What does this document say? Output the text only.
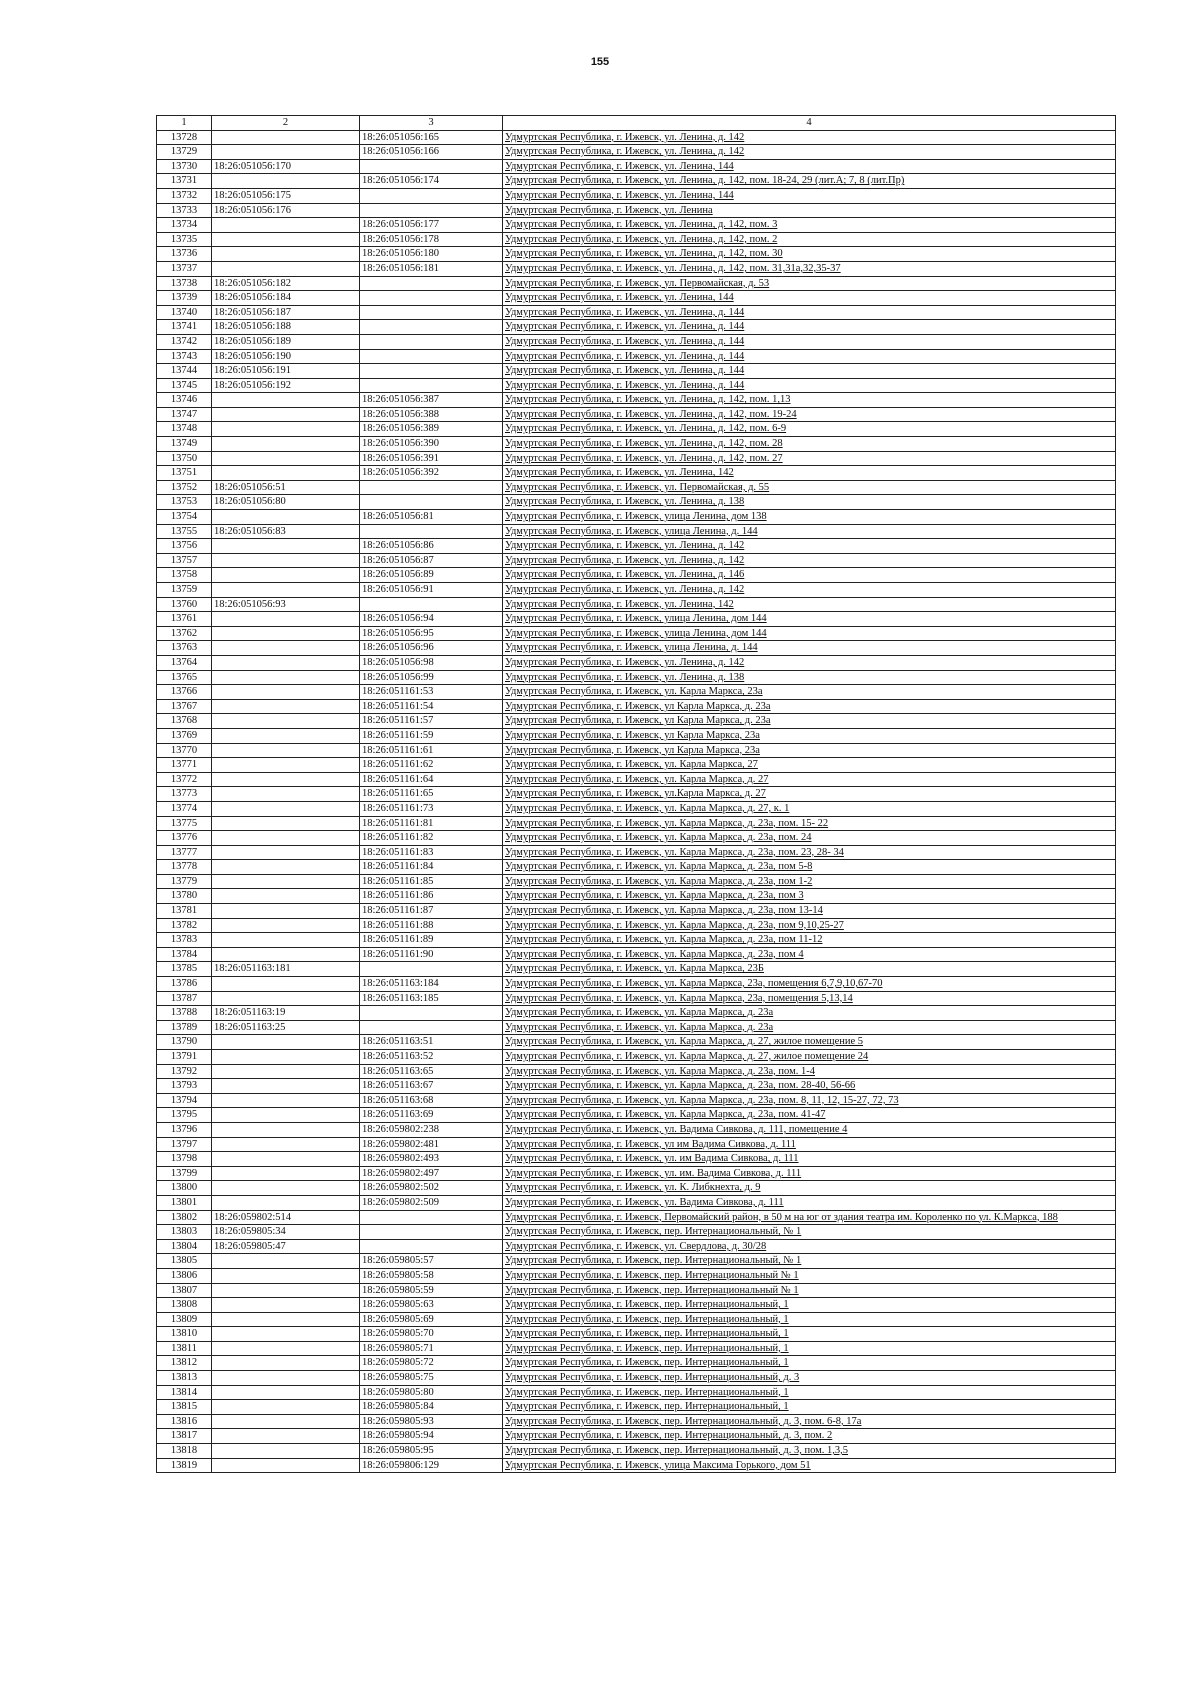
155
1	2	3	4
13728		18:26:051056:165	Удмуртская Республика, г. Ижевск, ул. Ленина, д. 142
13729		18:26:051056:166	Удмуртская Республика, г. Ижевск, ул. Ленина, д. 142
13730	18:26:051056:170		Удмуртская Республика, г. Ижевск, ул. Ленина, 144
13731		18:26:051056:174	Удмуртская Республика, г. Ижевск, ул. Ленина, д. 142, пом. 18-24, 29 (лит.А; 7, 8 (лит.Пр)
13732	18:26:051056:175		Удмуртская Республика, г. Ижевск, ул. Ленина, 144
13733	18:26:051056:176		Удмуртская Республика, г. Ижевск, ул. Ленина
13734		18:26:051056:177	Удмуртская Республика, г. Ижевск, ул. Ленина, д. 142, пом. 3
13735		18:26:051056:178	Удмуртская Республика, г. Ижевск, ул. Ленина, д. 142, пом. 2
13736		18:26:051056:180	Удмуртская Республика, г. Ижевск, ул. Ленина, д. 142, пом. 30
13737		18:26:051056:181	Удмуртская Республика, г. Ижевск, ул. Ленина, д. 142, пом. 31,31а,32,35-37
13738	18:26:051056:182		Удмуртская Республика, г. Ижевск, ул. Первомайская, д. 53
13739	18:26:051056:184		Удмуртская Республика, г. Ижевск, ул. Ленина, 144
13740	18:26:051056:187		Удмуртская Республика, г. Ижевск, ул. Ленина, д. 144
13741	18:26:051056:188		Удмуртская Республика, г. Ижевск, ул. Ленина, д. 144
13742	18:26:051056:189		Удмуртская Республика, г. Ижевск, ул. Ленина, д. 144
13743	18:26:051056:190		Удмуртская Республика, г. Ижевск, ул. Ленина, д. 144
13744	18:26:051056:191		Удмуртская Республика, г. Ижевск, ул. Ленина, д. 144
13745	18:26:051056:192		Удмуртская Республика, г. Ижевск, ул. Ленина, д. 144
13746		18:26:051056:387	Удмуртская Республика, г. Ижевск, ул. Ленина, д. 142, пом. 1,13
13747		18:26:051056:388	Удмуртская Республика, г. Ижевск, ул. Ленина, д. 142, пом. 19-24
13748		18:26:051056:389	Удмуртская Республика, г. Ижевск, ул. Ленина, д. 142, пом. 6-9
13749		18:26:051056:390	Удмуртская Республика, г. Ижевск, ул. Ленина, д. 142, пом. 28
13750		18:26:051056:391	Удмуртская Республика, г. Ижевск, ул. Ленина, д. 142, пом. 27
13751		18:26:051056:392	Удмуртская Республика, г. Ижевск, ул. Ленина, 142
13752	18:26:051056:51		Удмуртская Республика, г. Ижевск, ул. Первомайская, д. 55
13753	18:26:051056:80		Удмуртская Республика, г. Ижевск, ул. Ленина, д. 138
13754		18:26:051056:81	Удмуртская Республика, г. Ижевск, улица Ленина, дом 138
13755	18:26:051056:83		Удмуртская Республика, г. Ижевск, улица Ленина, д. 144
13756		18:26:051056:86	Удмуртская Республика, г. Ижевск, ул. Ленина, д. 142
13757		18:26:051056:87	Удмуртская Республика, г. Ижевск, ул. Ленина, д. 142
13758		18:26:051056:89	Удмуртская Республика, г. Ижевск, ул. Ленина, д. 146
13759		18:26:051056:91	Удмуртская Республика, г. Ижевск, ул. Ленина, д. 142
13760	18:26:051056:93		Удмуртская Республика, г. Ижевск, ул. Ленина, 142
13761		18:26:051056:94	Удмуртская Республика, г. Ижевск, улица Ленина, дом 144
13762		18:26:051056:95	Удмуртская Республика, г. Ижевск, улица Ленина, дом 144
13763		18:26:051056:96	Удмуртская Республика, г. Ижевск, улица Ленина, д. 144
13764		18:26:051056:98	Удмуртская Республика, г. Ижевск, ул. Ленина, д. 142
13765		18:26:051056:99	Удмуртская Республика, г. Ижевск, ул. Ленина, д. 138
13766		18:26:051161:53	Удмуртская Республика, г. Ижевск, ул. Карла Маркса, 23а
13767		18:26:051161:54	Удмуртская Республика, г. Ижевск, ул Карла Маркса, д. 23а
13768		18:26:051161:57	Удмуртская Республика, г. Ижевск, ул Карла Маркса, д. 23а
13769		18:26:051161:59	Удмуртская Республика, г. Ижевск, ул Карла Маркса, 23а
13770		18:26:051161:61	Удмуртская Республика, г. Ижевск, ул Карла Маркса, 23а
13771		18:26:051161:62	Удмуртская Республика, г. Ижевск, ул. Карла Маркса, 27
13772		18:26:051161:64	Удмуртская Республика, г. Ижевск, ул. Карла Маркса, д. 27
13773		18:26:051161:65	Удмуртская Республика, г. Ижевск, ул.Карла Маркса, д. 27
13774		18:26:051161:73	Удмуртская Республика, г. Ижевск, ул. Карла Маркса, д. 27, к. 1
13775		18:26:051161:81	Удмуртская Республика, г. Ижевск, ул. Карла Маркса, д. 23а, пом. 15- 22
13776		18:26:051161:82	Удмуртская Республика, г. Ижевск, ул. Карла Маркса, д. 23а, пом. 24
13777		18:26:051161:83	Удмуртская Республика, г. Ижевск, ул. Карла Маркса, д. 23а, пом. 23, 28- 34
13778		18:26:051161:84	Удмуртская Республика, г. Ижевск, ул. Карла Маркса, д. 23а, пом 5-8
13779		18:26:051161:85	Удмуртская Республика, г. Ижевск, ул. Карла Маркса, д. 23а, пом 1-2
13780		18:26:051161:86	Удмуртская Республика, г. Ижевск, ул. Карла Маркса, д. 23а, пом 3
13781		18:26:051161:87	Удмуртская Республика, г. Ижевск, ул. Карла Маркса, д. 23а, пом 13-14
13782		18:26:051161:88	Удмуртская Республика, г. Ижевск, ул. Карла Маркса, д. 23а, пом 9,10,25-27
13783		18:26:051161:89	Удмуртская Республика, г. Ижевск, ул. Карла Маркса, д. 23а, пом 11-12
13784		18:26:051161:90	Удмуртская Республика, г. Ижевск, ул. Карла Маркса, д. 23а, пом 4
13785	18:26:051163:181		Удмуртская Республика, г. Ижевск, ул. Карла Маркса, 23Б
13786		18:26:051163:184	Удмуртская Республика, г. Ижевск, ул. Карла Маркса, 23а, помещения 6,7,9,10,67-70
13787		18:26:051163:185	Удмуртская Республика, г. Ижевск, ул. Карла Маркса, 23а, помещения 5,13,14
13788	18:26:051163:19		Удмуртская Республика, г. Ижевск, ул. Карла Маркса, д. 23а
13789	18:26:051163:25		Удмуртская Республика, г. Ижевск, ул. Карла Маркса, д. 23а
13790		18:26:051163:51	Удмуртская Республика, г. Ижевск, ул. Карла Маркса, д. 27, жилое помещение 5
13791		18:26:051163:52	Удмуртская Республика, г. Ижевск, ул. Карла Маркса, д. 27, жилое помещение 24
13792		18:26:051163:65	Удмуртская Республика, г. Ижевск, ул. Карла Маркса, д. 23а, пом. 1-4
13793		18:26:051163:67	Удмуртская Республика, г. Ижевск, ул. Карла Маркса, д. 23а, пом. 28-40, 56-66
13794		18:26:051163:68	Удмуртская Республика, г. Ижевск, ул. Карла Маркса, д. 23а, пом. 8, 11, 12, 15-27, 72, 73
13795		18:26:051163:69	Удмуртская Республика, г. Ижевск, ул. Карла Маркса, д. 23а, пом. 41-47
13796		18:26:059802:238	Удмуртская Республика, г. Ижевск, ул. Вадима Сивкова, д. 111, помещение 4
13797		18:26:059802:481	Удмуртская Республика, г. Ижевск, ул им Вадима Сивкова, д. 111
13798		18:26:059802:493	Удмуртская Республика, г. Ижевск, ул. им Вадима Сивкова, д. 111
13799		18:26:059802:497	Удмуртская Республика, г. Ижевск, ул. им. Вадима Сивкова, д. 111
13800		18:26:059802:502	Удмуртская Республика, г. Ижевск, ул. К. Либкнехта, д. 9
13801		18:26:059802:509	Удмуртская Республика, г. Ижевск, ул. Вадима Сивкова, д. 111
13802	18:26:059802:514		Удмуртская Республика, г. Ижевск, Первомайский район, в 50 м на юг от здания театра им. Короленко по ул. К.Маркса, 188
13803	18:26:059805:34		Удмуртская Республика, г. Ижевск, пер. Интернациональный, № 1
13804	18:26:059805:47		Удмуртская Республика, г. Ижевск, ул. Свердлова, д. 30/28
13805		18:26:059805:57	Удмуртская Республика, г. Ижевск, пер. Интернациональный, № 1
13806		18:26:059805:58	Удмуртская Республика, г. Ижевск, пер. Интернациональный № 1
13807		18:26:059805:59	Удмуртская Республика, г. Ижевск, пер. Интернациональный № 1
13808		18:26:059805:63	Удмуртская Республика, г. Ижевск, пер. Интернациональный, 1
13809		18:26:059805:69	Удмуртская Республика, г. Ижевск, пер. Интернациональный, 1
13810		18:26:059805:70	Удмуртская Республика, г. Ижевск, пер. Интернациональный, 1
13811		18:26:059805:71	Удмуртская Республика, г. Ижевск, пер. Интернациональный, 1
13812		18:26:059805:72	Удмуртская Республика, г. Ижевск, пер. Интернациональный, 1
13813		18:26:059805:75	Удмуртская Республика, г. Ижевск, пер. Интернациональный, д. 3
13814		18:26:059805:80	Удмуртская Республика, г. Ижевск, пер. Интернациональный, 1
13815		18:26:059805:84	Удмуртская Республика, г. Ижевск, пер. Интернациональный, 1
13816		18:26:059805:93	Удмуртская Республика, г. Ижевск, пер. Интернациональный, д. 3, пом. 6-8, 17а
13817		18:26:059805:94	Удмуртская Республика, г. Ижевск, пер. Интернациональный, д. 3, пом. 2
13818		18:26:059805:95	Удмуртская Республика, г. Ижевск, пер. Интернациональный, д. 3, пом. 1,3,5
13819		18:26:059806:129	Удмуртская Республика, г. Ижевск, улица Максима Горького, дом 51
